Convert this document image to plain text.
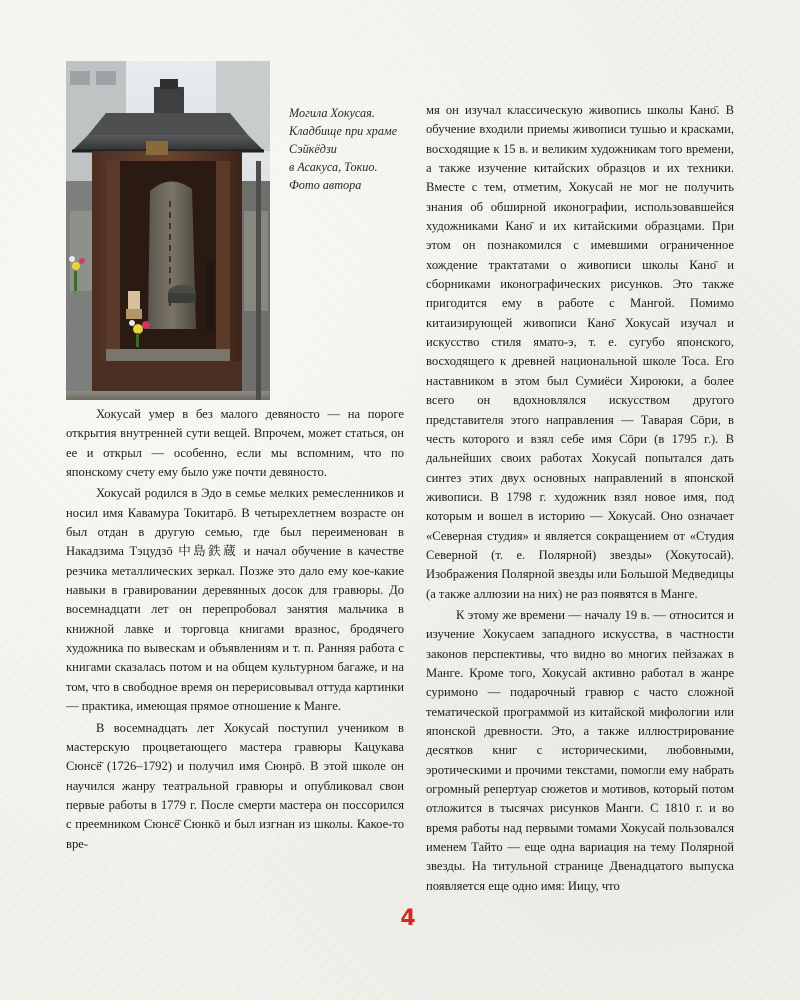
Могила Хокусая.
Кладбище при храме
Сэйкёдзи
в Асакуса, Токио.
Фото автора

мя он изучал классическую живопись школы Кано̄. В обучение входили приемы живописи тушью и красками, восходящие к 15 в. и великим художникам того времени, а также изучение китайских образцов и их техники. Вместе с тем, отметим, Хокусай не мог не получить знания об обширной иконографии, использовавшейся художниками Кано̄ и их китайскими образцами. При этом он познакомился с имевшими ограниченное хождение трактатами о живописи школы Кано̄ и сборниками иконографических рисунков. Это также пригодится ему в работе с Мангой. Помимо китаизирующей живописи Кано̄ Хокусай изучал и искусство стиля ямато-э, т. е. сугубо японского, восходящего к древней национальной школе Тоса. Его наставником в этом был Сумиёси Хироюки, а более всего он вдохновлялся искусством другого представителя этого направления — Таварая Сōри, в честь которого и взял себе имя Сōри (в 1795 г.). В дальнейших своих работах Хокусай попытался дать синтез этих двух основных направлений в японской живописи. В 1798 г. художник взял новое имя, под которым и вошел в историю — Хокусай. Оно означает «Северная студия» и является сокращением от «Студия Северной (т. е. Полярной) звезды» (Хокутосай). Изображения Полярной звезды или Большой Медведицы (а также аллюзии на них) не раз появятся в Манге.

К этому же времени — началу 19 в. — относится и изучение Хокусаем западного искусства, в частности законов перспективы, что видно во многих пейзажах в Манге. Кроме того, Хокусай активно работал в жанре суримоно — подарочный гравюр с часто сложной тематической программой из китайской мифологии или японской древности. Это, а также иллюстрирование десятков книг с историческими, любовными, эротическими и прочими текстами, помогли ему набрать огромный репертуар сюжетов и мотивов, который потом отложится в тысячах рисунков Манги. С 1810 г. и во время работы над первыми томами Хокусай пользовался именем Тайто — еще одна вариация на тему Полярной звезды. На титульной странице Двенадцатого выпуска появляется еще одно имя: Иицу, что

Хокусай умер в без малого девяносто — на пороге открытия внутренней сути вещей. Впрочем, может статься, он ее и открыл — особенно, если мы вспомним, что по японскому счету ему было уже почти девяносто.

Хокусай родился в Эдо в семье мелких ремесленников и носил имя Кавамура Токитарō. В четырехлетнем возрасте он был отдан в другую семью, где был переименован в Накадзима Тэцудзō 中島鉄蔵 и начал обучение в качестве резчика металлических зеркал. Позже это дало ему кое-какие навыки в гравировании деревянных досок для гравюры. До восемнадцати лет он перепробовал занятия мальчика в книжной лавке и торговца книгами вразнос, бродячего художника по вывескам и объявлениям и т. п. Ранняя работа с книгами сказалась потом и на общем культурном багаже, и на том, что в свободное время он перерисовывал оттуда картинки — практика, имеющая прямое отношение к Манге.

В восемнадцать лет Хокусай поступил учеником в мастерскую процветающего мастера гравюры Кацукава Сюнсё̄ (1726–1792) и получил имя Сюнрō. В этой школе он научился жанру театральной гравюры и опубликовал свои первые работы в 1779 г. После смерти мастера он поссорился с преемником Сюнсё̄ Сюнкō и был изгнан из школы. Какое-то вре-

4
